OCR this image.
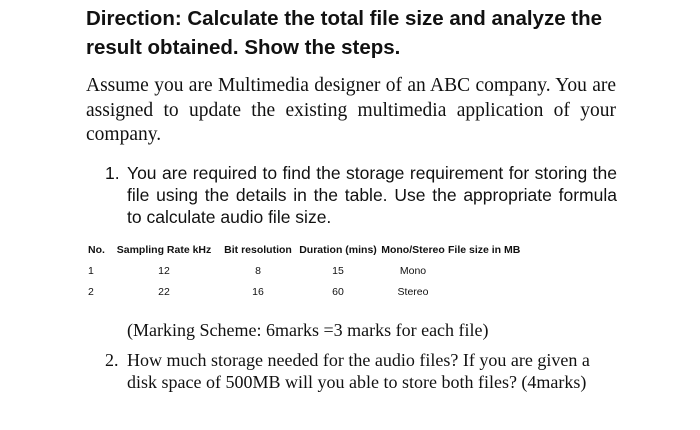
Direction: Calculate the total file size and analyze the result obtained. Show the steps.

Assume you are Multimedia designer of an ABC company. You are assigned to update the existing multimedia application of your company.

1. You are required to find the storage requirement for storing the file using the details in the table. Use the appropriate formula to calculate audio file size.
No.	Sampling Rate kHz	Bit resolution	Duration (mins)	Mono/Stereo	File size in MB
1	12	8	15	Mono	
2	22	16	60	Stereo	

(Marking Scheme: 6marks =3 marks for each file)

2. How much storage needed for the audio files? If you are given a disk space of 500MB will you able to store both files? (4marks)
